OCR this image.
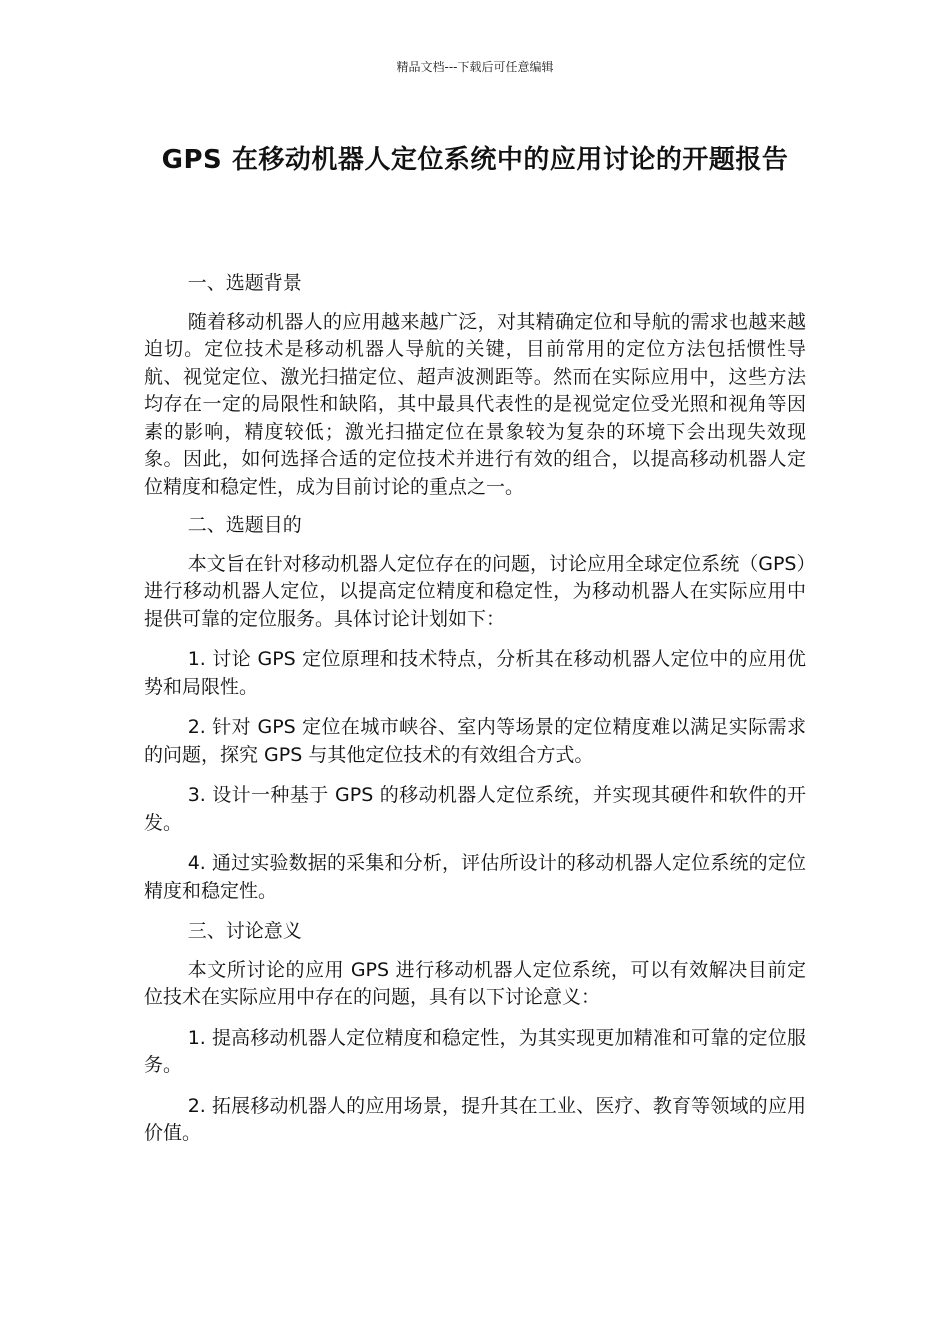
精品文档---下载后可任意编辑
GPS 在移动机器人定位系统中的应用讨论的开题报告

一、选题背景

随着移动机器人的应用越来越广泛，对其精确定位和导航的需求也越来越迫切。定位技术是移动机器人导航的关键，目前常用的定位方法包括惯性导航、视觉定位、激光扫描定位、超声波测距等。然而在实际应用中，这些方法均存在一定的局限性和缺陷，其中最具代表性的是视觉定位受光照和视角等因素的影响，精度较低；激光扫描定位在景象较为复杂的环境下会出现失效现象。因此，如何选择合适的定位技术并进行有效的组合，以提高移动机器人定位精度和稳定性，成为目前讨论的重点之一。

二、选题目的

本文旨在针对移动机器人定位存在的问题，讨论应用全球定位系统（GPS）进行移动机器人定位，以提高定位精度和稳定性，为移动机器人在实际应用中提供可靠的定位服务。具体讨论计划如下：

1. 讨论 GPS 定位原理和技术特点，分析其在移动机器人定位中的应用优势和局限性。

2. 针对 GPS 定位在城市峡谷、室内等场景的定位精度难以满足实际需求的问题，探究 GPS 与其他定位技术的有效组合方式。

3. 设计一种基于 GPS 的移动机器人定位系统，并实现其硬件和软件的开发。

4. 通过实验数据的采集和分析，评估所设计的移动机器人定位系统的定位精度和稳定性。

三、讨论意义

本文所讨论的应用 GPS 进行移动机器人定位系统，可以有效解决目前定位技术在实际应用中存在的问题，具有以下讨论意义：

1. 提高移动机器人定位精度和稳定性，为其实现更加精准和可靠的定位服务。

2. 拓展移动机器人的应用场景，提升其在工业、医疗、教育等领域的应用价值。
